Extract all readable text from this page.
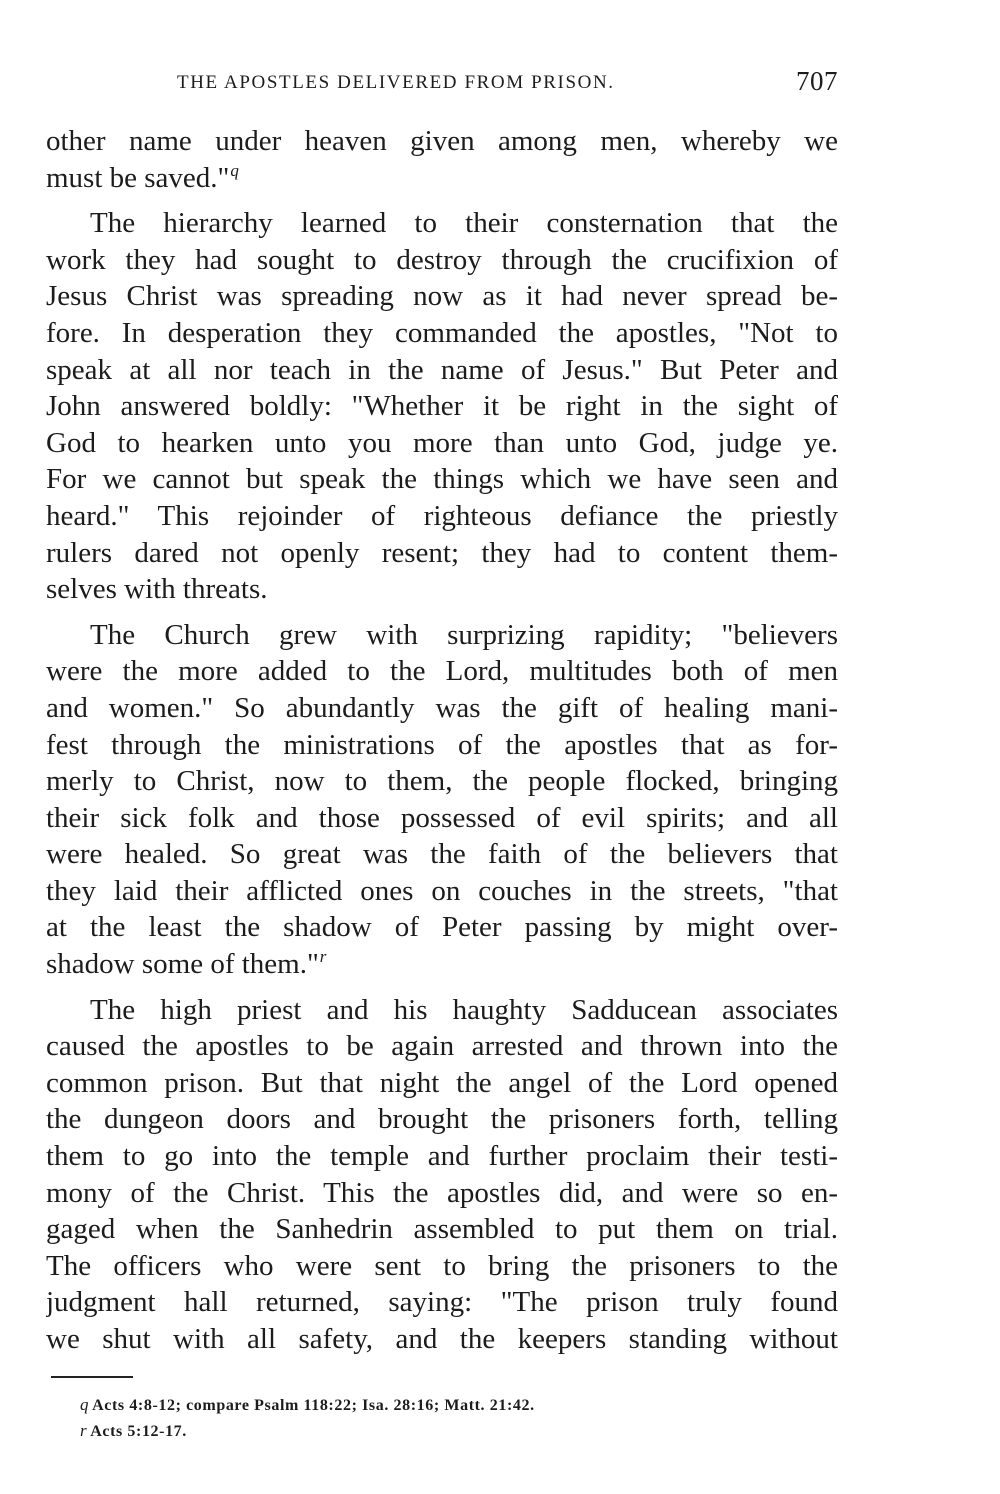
THE APOSTLES DELIVERED FROM PRISON.	707
other name under heaven given among men, whereby we
must be saved."$^q$
The hierarchy learned to their consternation that the
work they had sought to destroy through the crucifixion of
Jesus Christ was spreading now as it had never spread be-
fore. In desperation they commanded the apostles, "Not to
speak at all nor teach in the name of Jesus." But Peter and
John answered boldly: "Whether it be right in the sight of
God to hearken unto you more than unto God, judge ye.
For we cannot but speak the things which we have seen and
heard." This rejoinder of righteous defiance the priestly
rulers dared not openly resent; they had to content them-
selves with threats.
The Church grew with surprizing rapidity; "believers
were the more added to the Lord, multitudes both of men
and women." So abundantly was the gift of healing mani-
fest through the ministrations of the apostles that as for-
merly to Christ, now to them, the people flocked, bringing
their sick folk and those possessed of evil spirits; and all
were healed. So great was the faith of the believers that
they laid their afflicted ones on couches in the streets, "that
at the least the shadow of Peter passing by might over-
shadow some of them."$^r$
The high priest and his haughty Sadducean associates
caused the apostles to be again arrested and thrown into the
common prison. But that night the angel of the Lord opened
the dungeon doors and brought the prisoners forth, telling
them to go into the temple and further proclaim their testi-
mony of the Christ. This the apostles did, and were so en-
gaged when the Sanhedrin assembled to put them on trial.
The officers who were sent to bring the prisoners to the
judgment hall returned, saying: "The prison truly found
we shut with all safety, and the keepers standing without
q Acts 4:8-12; compare Psalm 118:22; Isa. 28:16; Matt. 21:42.
r Acts 5:12-17.
